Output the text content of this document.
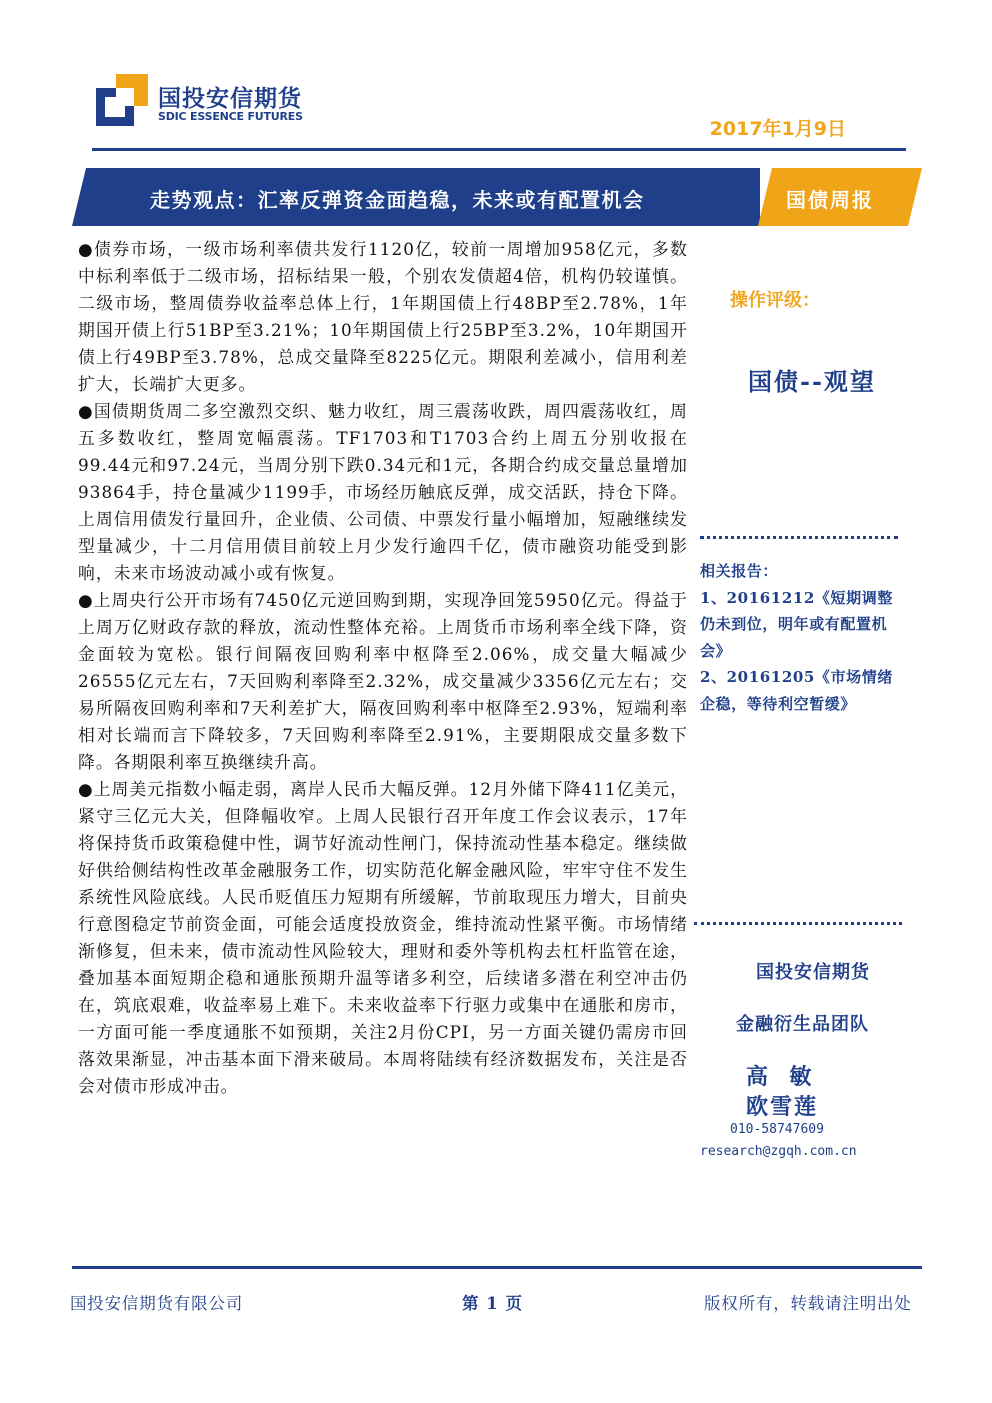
国投安信期货
SDIC ESSENCE FUTURES
2017年1月9日
走势观点：汇率反弹资金面趋稳，未来或有配置机会	国债周报

●债券市场，一级市场利率债共发行1120亿，较前一周增加958亿元，多数中标利率低于二级市场，招标结果一般，个别农发债超4倍，机构仍较谨慎。二级市场，整周债券收益率总体上行，1年期国债上行48BP至2.78%，1年期国开债上行51BP至3.21%；10年期国债上行25BP至3.2%，10年期国开债上行49BP至3.78%，总成交量降至8225亿元。期限利差减小，信用利差扩大，长端扩大更多。

●国债期货周二多空激烈交织、魅力收红，周三震荡收跌，周四震荡收红，周五多数收红，整周宽幅震荡。TF1703和T1703合约上周五分别收报在99.44元和97.24元，当周分别下跌0.34元和1元，各期合约成交量总量增加93864手，持仓量减少1199手，市场经历触底反弹，成交活跃，持仓下降。上周信用债发行量回升，企业债、公司债、中票发行量小幅增加，短融继续发型量减少，十二月信用债目前较上月少发行逾四千亿，债市融资功能受到影响，未来市场波动减小或有恢复。

●上周央行公开市场有7450亿元逆回购到期，实现净回笼5950亿元。得益于上周万亿财政存款的释放，流动性整体充裕。上周货币市场利率全线下降，资金面较为宽松。银行间隔夜回购利率中枢降至2.06%，成交量大幅减少26555亿元左右，7天回购利率降至2.32%，成交量减少3356亿元左右；交易所隔夜回购利率和7天利差扩大，隔夜回购利率中枢降至2.93%，短端利率相对长端而言下降较多，7天回购利率降至2.91%，主要期限成交量多数下降。各期限利率互换继续升高。

●上周美元指数小幅走弱，离岸人民币大幅反弹。12月外储下降411亿美元，紧守三亿元大关，但降幅收窄。上周人民银行召开年度工作会议表示，17年将保持货币政策稳健中性，调节好流动性闸门，保持流动性基本稳定。继续做好供给侧结构性改革金融服务工作，切实防范化解金融风险，牢牢守住不发生系统性风险底线。人民币贬值压力短期有所缓解，节前取现压力增大，目前央行意图稳定节前资金面，可能会适度投放资金，维持流动性紧平衡。市场情绪渐修复，但未来，债市流动性风险较大，理财和委外等机构去杠杆监管在途，叠加基本面短期企稳和通胀预期升温等诸多利空，后续诸多潜在利空冲击仍在，筑底艰难，收益率易上难下。未来收益率下行驱力或集中在通胀和房市，一方面可能一季度通胀不如预期，关注2月份CPI，另一方面关键仍需房市回落效果渐显，冲击基本面下滑来破局。本周将陆续有经济数据发布，关注是否会对债市形成冲击。

操作评级：
国债--观望
相关报告：
1、20161212《短期调整仍未到位，明年或有配置机会》
2、20161205《市场情绪企稳，等待利空暂缓》
国投安信期货
金融衍生品团队
高  敏
欧雪莲
010-58747609
research@zgqh.com.cn
国投安信期货有限公司	第 1 页	版权所有，转载请注明出处
